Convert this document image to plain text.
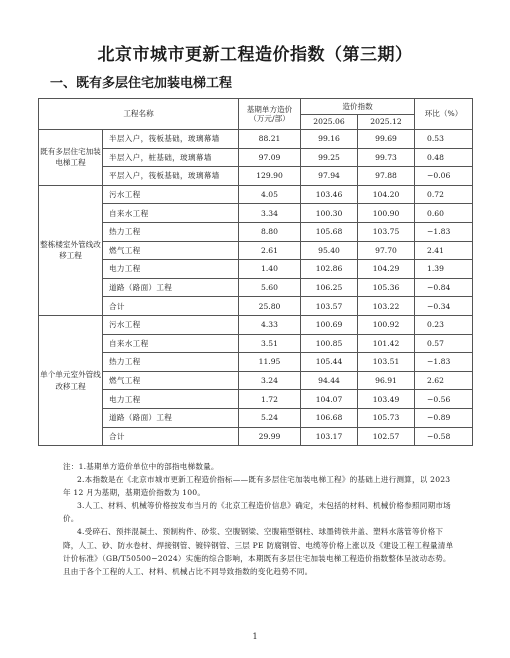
北京市城市更新工程造价指数（第三期）
一、既有多层住宅加装电梯工程
工程名称		基期单方造价（万元/部）	造价指数		环比（%）
			2025.06	2025.12	
既有多层住宅加装电梯工程	半层入户，筏板基础，玻璃幕墙	88.21	99.16	99.69	0.53
	半层入户，桩基础，玻璃幕墙	97.09	99.25	99.73	0.48
	平层入户，筏板基础，玻璃幕墙	129.90	97.94	97.88	−0.06
整栋楼室外管线改移工程	污水工程	4.05	103.46	104.20	0.72
	自来水工程	3.34	100.30	100.90	0.60
	热力工程	8.80	105.68	103.75	−1.83
	燃气工程	2.61	95.40	97.70	2.41
	电力工程	1.40	102.86	104.29	1.39
	道路（路面）工程	5.60	106.25	105.36	−0.84
	合计	25.80	103.57	103.22	−0.34
单个单元室外管线改移工程	污水工程	4.33	100.69	100.92	0.23
	自来水工程	3.51	100.85	101.42	0.57
	热力工程	11.95	105.44	103.51	−1.83
	燃气工程	3.24	94.44	96.91	2.62
	电力工程	1.72	104.07	103.49	−0.56
	道路（路面）工程	5.24	106.68	105.73	−0.89
	合计	29.99	103.17	102.57	−0.58

注：1.基期单方造价单位中的部指电梯数量。

2.本指数是在《北京市城市更新工程造价指标——既有多层住宅加装电梯工程》的基础上进行测算，以 2023 年 12 月为基期，基期造价指数为 100。

3.人工、材料、机械等价格按发布当月的《北京工程造价信息》确定，未包括的材料、机械价格参照同期市场价。

4.受碎石、预拌混凝土、预制构件、砂浆、空腹钢梁、空腹箱型钢柱、球墨铸铁井盖、塑料水落管等价格下降，人工、砂、防水卷材、焊接钢管、镀锌钢管、三层 PE 防腐钢管、电缆等价格上涨以及《建设工程工程量清单计价标准》（GB/T50500−2024）实施的综合影响，本期既有多层住宅加装电梯工程造价指数整体呈波动态势。且由于各个工程的人工、材料、机械占比不同导致指数的变化趋势不同。

1
